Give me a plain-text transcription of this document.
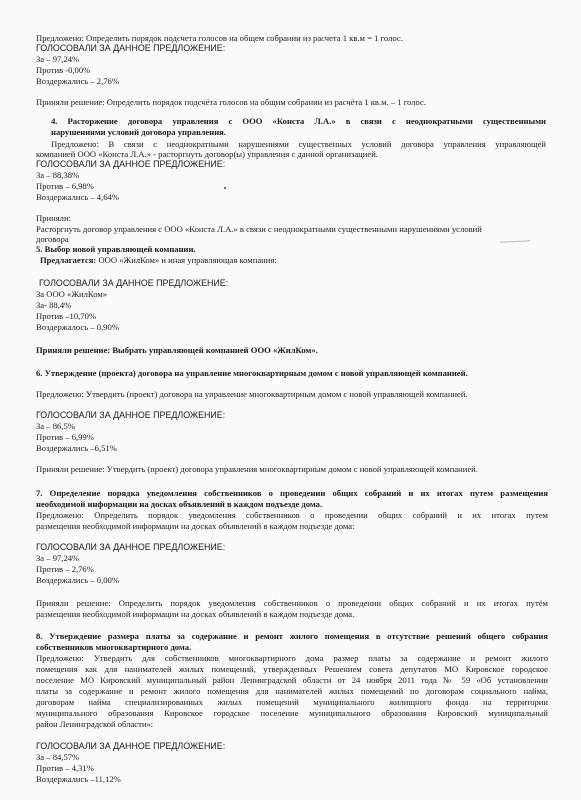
Предложено: Определить порядок подсчета голосов на общем собрании из расчета 1 кв.м = 1 голос.
ГОЛОСОВАЛИ ЗА ДАННОЕ ПРЕДЛОЖЕНИЕ:
За – 97,24%
Против -0,00%
Воздержались – 2,76%
Приняли решение: Определить порядок подсчёта голосов на общим собрании из расчёта 1 кв.м. – 1 голос.
4. Расторжение договора управления с ООО «Конста Л.А.» в связи с неоднократными существенными
нарушениями условий договора управления.
Предложено: В связи с неоднократными нарушениями существенных условий договора управления управляющей
компанией ООО «Конста Л.А.» - расторгнуть договор(ы) управления с данной организацией.
ГОЛОСОВАЛИ ЗА ДАННОЕ ПРЕДЛОЖЕНИЕ:
За – 88,38%
Против – 6,98%
Воздержались – 4,64%
Приняли:
Расторгнуть договор управления с ООО «Конста Л.А.» в связи с неоднократными существенными нарушениями условий
договора
5. Выбор новой управляющей компании.
Предлагается: ООО «ЖилКом» и иная управляющая компания:
ГОЛОСОВАЛИ ЗА ДАННОЕ ПРЕДЛОЖЕНИЕ:
За ООО «ЖилКом»
За- 88,4%
Против –10,70%
Воздержалось – 0,90%
Приняли решение: Выбрать управляющей компанией ООО «ЖилКом».
6. Утверждение (проекта) договора на управление многоквартирным домом с новой управляющей компанией.
Предложено: Утвердить (проект) договора на управление многоквартирным домом с новой управляющей компанией.
ГОЛОСОВАЛИ ЗА ДАННОЕ ПРЕДЛОЖЕНИЕ:
За – 86,5%
Против – 6,99%
Воздержались –6,51%
Приняли решение: Утвердить (проект) договора управления многоквартирным домом с новой управляющей компанией.
7. Определение порядка уведомления собственников о проведении общих собраний и их итогах путем размещения
необходимой информации на досках объявлений в каждом подъезде дома.
Предложено: Определить порядок уведомления собственников о проведении общих собраний и их итогах путем
размещения необходимой информации на досках объявлений в каждом подъезде дома:
ГОЛОСОВАЛИ ЗА ДАННОЕ ПРЕДЛОЖЕНИЕ:
За – 97,24%
Против – 2,76%
Воздержались – 0,00%
Приняли решение: Определить порядок уведомления собственников о проведении общих собраний и их итогах путём
размещения необходимой информации на досках объявлений в каждом подъезде дома.
8. Утверждение размера платы за содержание и ремонт жилого помещения в отсутствие решений общего собрания
собственников многоквартирного дома.
Предложено: Утвердить для собственников многоквартирного дома размер платы за содержание и ремонт жилого
помещения как для нанимателей жилых помещений, утвержденных Решением совета депутатов МО Кировское городское
поселение МО Кировский муниципальный район Ленинградской области от 24 ноября 2011 года № 59 «Об установлении
платы за содержание и ремонт жилого помещения для нанимателей жилых помещений по договорам социального найма,
договорам найма специализированных жилых помещений муниципального жилищного фонда на территории
муниципального образования Кировское городское поселение муниципального образования Кировский муниципальный
район Ленинградской области»:
ГОЛОСОВАЛИ ЗА ДАННОЕ ПРЕДЛОЖЕНИЕ:
За – 84,57%
Против – 4,31%
Воздержались –11,12%
